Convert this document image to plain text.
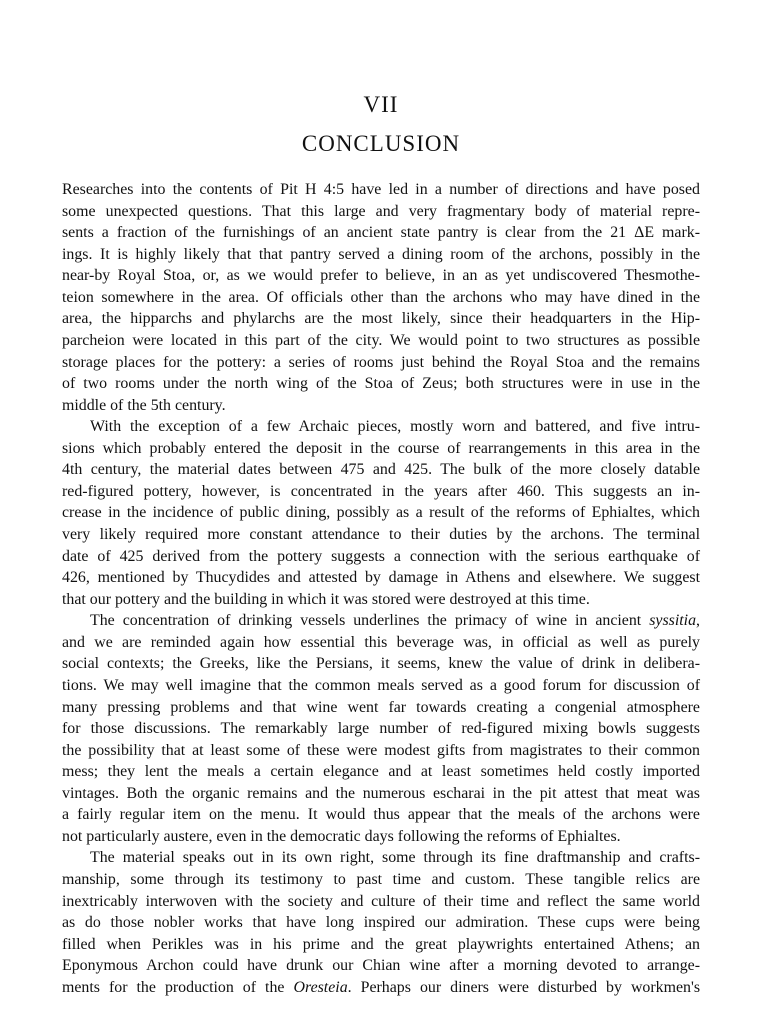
VII
CONCLUSION
Researches into the contents of Pit H 4:5 have led in a number of directions and have posed
some unexpected questions. That this large and very fragmentary body of material repre-
sents a fraction of the furnishings of an ancient state pantry is clear from the 21 ΔΕ mark-
ings. It is highly likely that that pantry served a dining room of the archons, possibly in the
near-by Royal Stoa, or, as we would prefer to believe, in an as yet undiscovered Thesmothe-
teion somewhere in the area. Of officials other than the archons who may have dined in the
area, the hipparchs and phylarchs are the most likely, since their headquarters in the Hip-
parcheion were located in this part of the city. We would point to two structures as possible
storage places for the pottery: a series of rooms just behind the Royal Stoa and the remains
of two rooms under the north wing of the Stoa of Zeus; both structures were in use in the
middle of the 5th century.
With the exception of a few Archaic pieces, mostly worn and battered, and five intru-
sions which probably entered the deposit in the course of rearrangements in this area in the
4th century, the material dates between 475 and 425. The bulk of the more closely datable
red-figured pottery, however, is concentrated in the years after 460. This suggests an in-
crease in the incidence of public dining, possibly as a result of the reforms of Ephialtes, which
very likely required more constant attendance to their duties by the archons. The terminal
date of 425 derived from the pottery suggests a connection with the serious earthquake of
426, mentioned by Thucydides and attested by damage in Athens and elsewhere. We suggest
that our pottery and the building in which it was stored were destroyed at this time.
The concentration of drinking vessels underlines the primacy of wine in ancient syssitia,
and we are reminded again how essential this beverage was, in official as well as purely
social contexts; the Greeks, like the Persians, it seems, knew the value of drink in delibera-
tions. We may well imagine that the common meals served as a good forum for discussion of
many pressing problems and that wine went far towards creating a congenial atmosphere
for those discussions. The remarkably large number of red-figured mixing bowls suggests
the possibility that at least some of these were modest gifts from magistrates to their common
mess; they lent the meals a certain elegance and at least sometimes held costly imported
vintages. Both the organic remains and the numerous escharai in the pit attest that meat was
a fairly regular item on the menu. It would thus appear that the meals of the archons were
not particularly austere, even in the democratic days following the reforms of Ephialtes.
The material speaks out in its own right, some through its fine draftmanship and crafts-
manship, some through its testimony to past time and custom. These tangible relics are
inextricably interwoven with the society and culture of their time and reflect the same world
as do those nobler works that have long inspired our admiration. These cups were being
filled when Perikles was in his prime and the great playwrights entertained Athens; an
Eponymous Archon could have drunk our Chian wine after a morning devoted to arrange-
ments for the production of the Oresteia. Perhaps our diners were disturbed by workmen's
